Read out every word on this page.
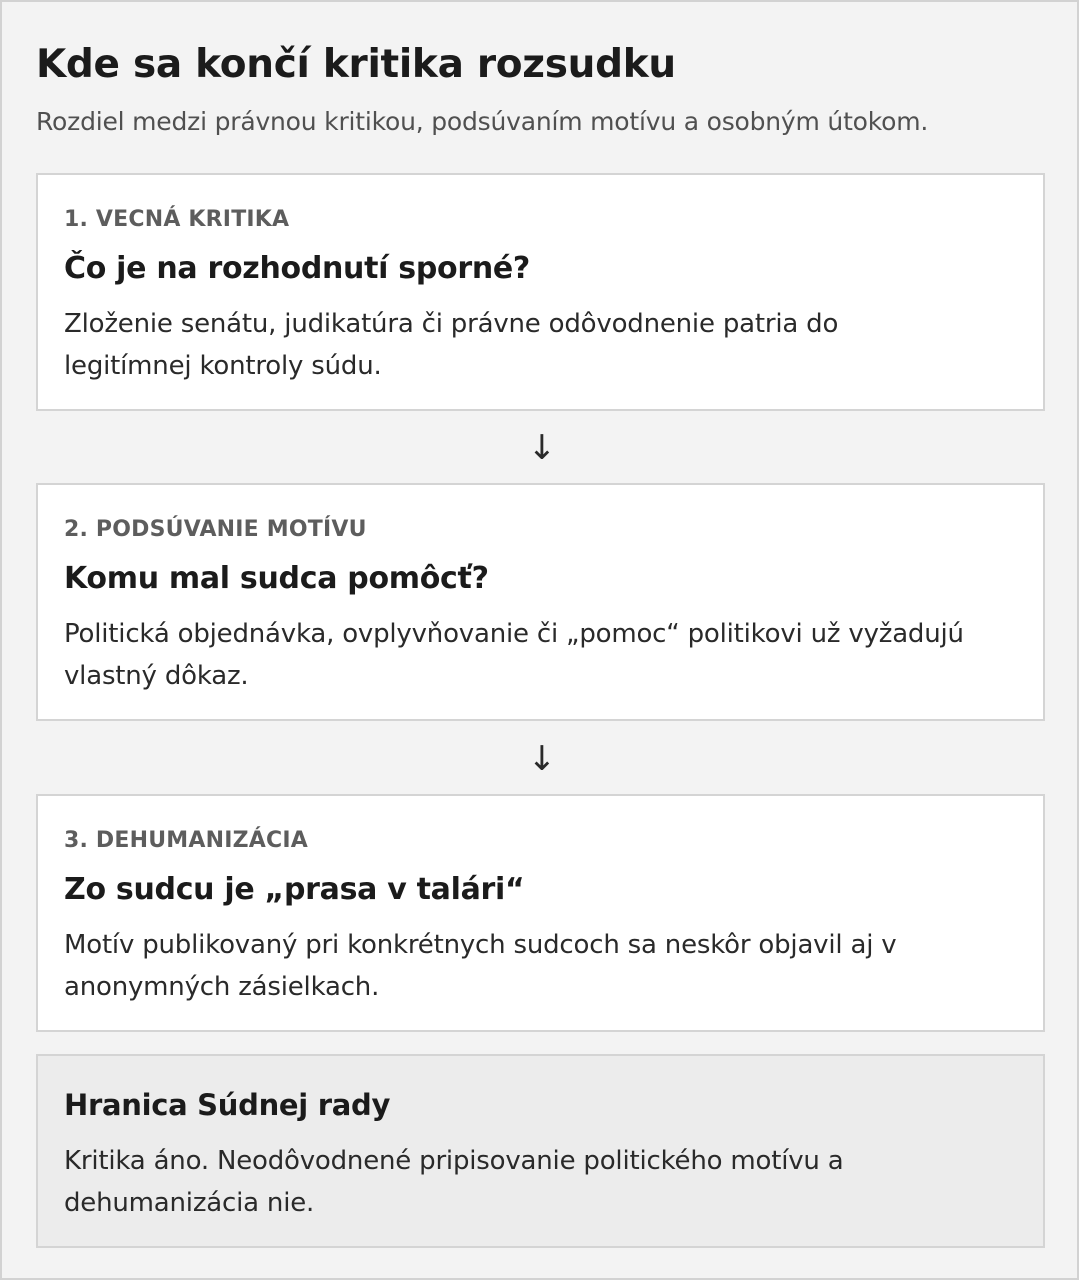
Kde sa končí kritika rozsudku

Rozdiel medzi právnou kritikou, podsúvaním motívu a osobným útokom.

1. VECNÁ KRITIKA

Čo je na rozhodnutí sporné?

Zloženie senátu, judikatúra či právne odôvodnenie patria do legitímnej kontroly súdu.

↓

2. PODSÚVANIE MOTÍVU

Komu mal sudca pomôcť?

Politická objednávka, ovplyvňovanie či „pomoc“ politikovi už vyžadujú vlastný dôkaz.

↓

3. DEHUMANIZÁCIA

Zo sudcu je „prasa v talári“

Motív publikovaný pri konkrétnych sudcoch sa neskôr objavil aj v anonymných zásielkach.

Hranica Súdnej rady

Kritika áno. Neodôvodnené pripisovanie politického motívu a dehumanizácia nie.
